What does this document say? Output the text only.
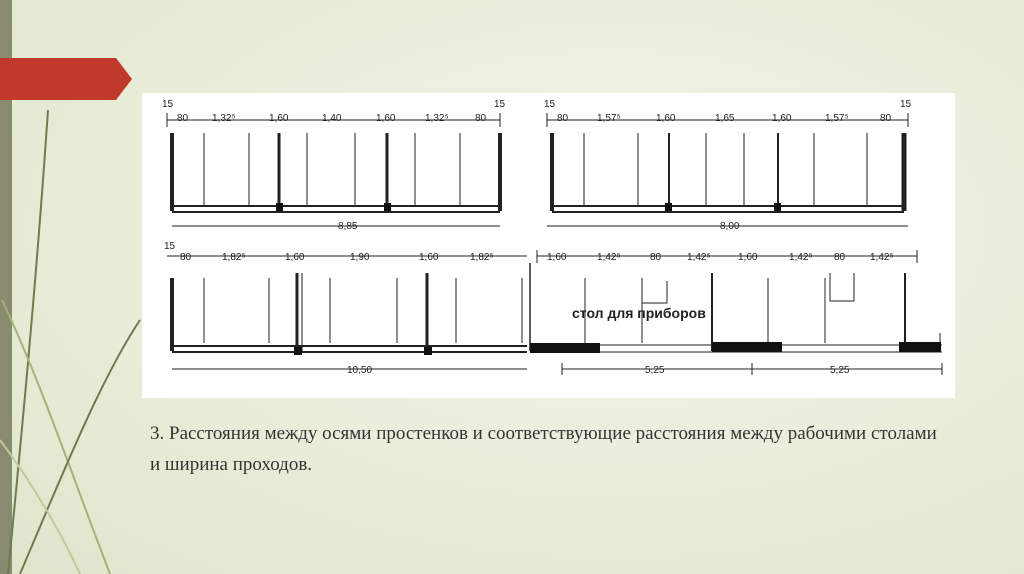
15
80 1,32⁵	1,60	1,40	1,60	1,32⁵	80
15
8,85
15
80	1,57⁵	1,60	1,65	1,60	1,57⁵	80
15
8,00
15
80	1,82⁵	1,60	1,90	1,60	1,82⁵
10,50
1,60	1,42⁵	80	1,42⁵	1,60	1,42⁵ 80 1,42⁵
стол для приборов
5,25	5,25
3. Расстояния между осями простенков и соответствующие расстояния между рабочими столами и ширина проходов.
